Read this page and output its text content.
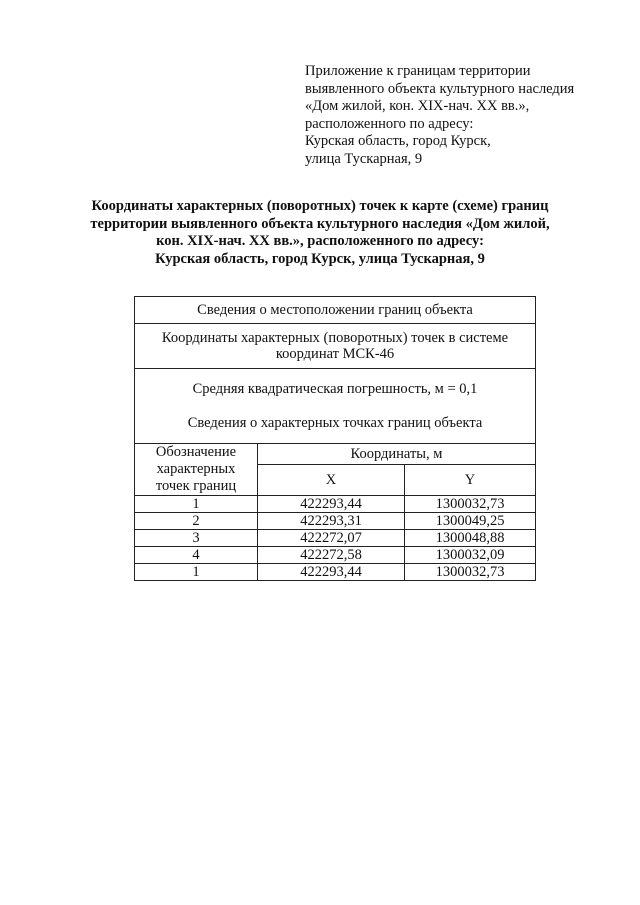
Приложение к границам территории
выявленного объекта культурного наследия
«Дом жилой, кон. XIX-нач. XX вв.»,
расположенного по адресу:
Курская область, город Курск,
улица Тускарная, 9
Координаты характерных (поворотных) точек к карте (схеме) границ
территории выявленного объекта культурного наследия «Дом жилой,
кон. XIX-нач. XX вв.», расположенного по адресу:
Курская область, город Курск, улица Тускарная, 9
Сведения о местоположении границ объекта		
Координаты характерных (поворотных) точек в системе координат МСК-46		

Средняя квадратическая погрешность, м = 0,1
Сведения о характерных точках границ объекта		

Обозначение характерных точек границ	Координаты, м	
	X	Y
1	422293,44	1300032,73
2	422293,31	1300049,25
3	422272,07	1300048,88
4	422272,58	1300032,09
1	422293,44	1300032,73
